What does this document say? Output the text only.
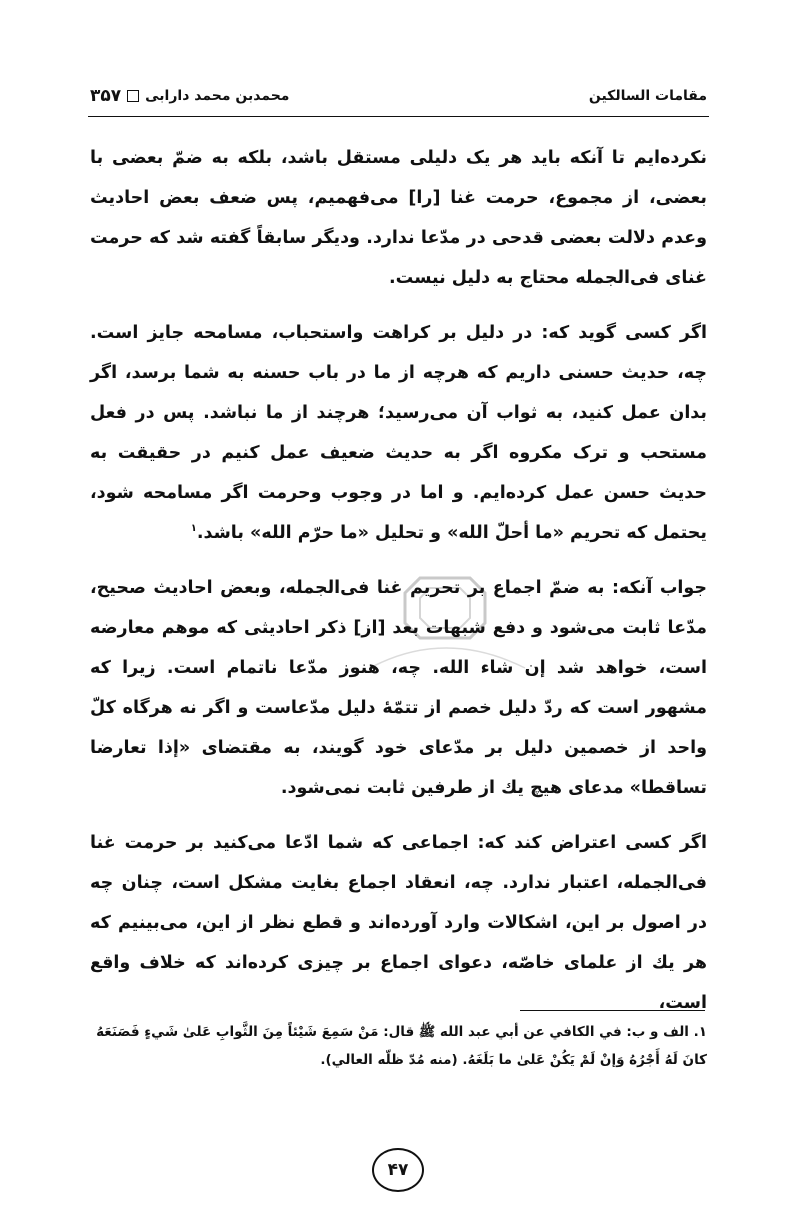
مقامات السالکین
محمدبن محمد دارابی
۳۵۷

نکرده‌ایم تا آنکه باید هر یک دلیلی مستقل باشد، بلکه به ضمّ بعضی با بعضی، از مجموع، حرمت غنا [را] می‌فهمیم، پس ضعف بعض احادیث وعدم دلالت بعضی قدحی در مدّعا ندارد. ودیگر سابقاً گفته شد که حرمت غنای فی‌الجمله محتاج به دلیل نیست.

اگر کسی گوید که: در دلیل بر کراهت واستحباب، مسامحه جایز است. چه، حدیث حسنی داریم که هرچه از ما در باب حسنه به شما برسد، اگر بدان عمل کنید، به ثواب آن می‌رسید؛ هرچند از ما نباشد. پس در فعل مستحب و ترک مکروه اگر به حدیث ضعیف عمل کنیم در حقیقت به حدیث حسن عمل کرده‌ایم. و اما در وجوب وحرمت اگر مسامحه شود، یحتمل که تحریم «ما أحلّ الله» و تحلیل «ما حرّم الله» باشد.$^۱$

جواب آنکه: به ضمّ اجماع بر تحریم غنا فی‌الجمله، وبعض احادیث صحیح، مدّعا ثابت می‌شود و دفع شبهات بعد [از] ذکر احادیثی که موهم معارضه است، خواهد شد إن شاء الله. چه، هنوز مدّعا ناتمام است. زیرا که مشهور است که ردّ دلیل خصم از تتمّهٔ دلیل مدّعاست و اگر نه هرگاه کلّ واحد از خصمین دلیل بر مدّعای خود گویند، به مقتضای «إذا تعارضا تساقطا» مدعای هیچ یك از طرفین ثابت نمی‌شود.

اگر کسی اعتراض کند که: اجماعی که شما ادّعا می‌کنید بر حرمت غنا فی‌الجمله، اعتبار ندارد. چه، انعقاد اجماع بغایت مشکل است، چنان چه در اصول بر این، اشکالات وارد آورده‌اند و قطع نظر از این، می‌بینیم که هر یك از علمای خاصّه، دعوای اجماع بر چیزی کرده‌اند که خلاف واقع است،

۱. الف و ب: في الکافي عن أبي عبد الله ﷺ قال: مَنْ سَمِعَ شَيْئاً مِنَ الثَّوابِ عَلىٰ شَيءٍ فَصَنَعَهُ
كانَ لَهُ أَجْرُهُ وَإنْ لَمْ يَكُنْ عَلىٰ ما بَلَغَهُ. (منه مُدّ ظلّه العالي).
۴۷
